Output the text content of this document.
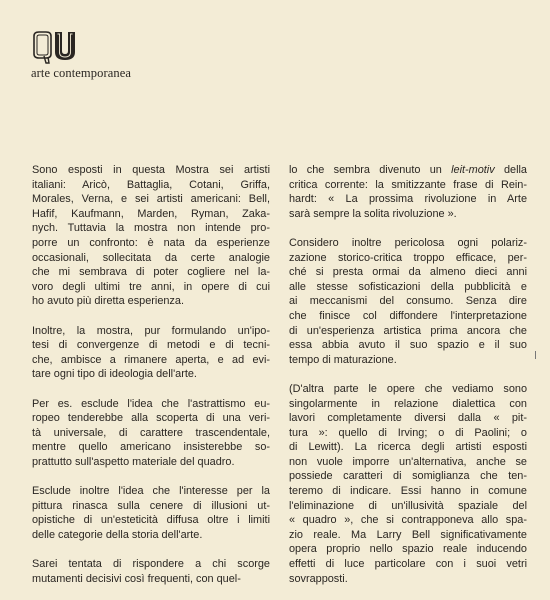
arte contemporanea

Sono esposti in questa Mostra sei artisti
italiani: Aricò, Battaglia, Cotani, Griffa,
Morales, Verna, e sei artisti americani: Bell,
Hafif, Kaufmann, Marden, Ryman, Zaka-
nych. Tuttavia la mostra non intende pro-
porre un confronto: è nata da esperienze
occasionali, sollecitata da certe analogie
che mi sembrava di poter cogliere nel la-
voro degli ultimi tre anni, in opere di cui
ho avuto più diretta esperienza.

Inoltre, la mostra, pur formulando un'ipo-
tesi di convergenze di metodi e di tecni-
che, ambisce a rimanere aperta, e ad evi-
tare ogni tipo di ideologia dell'arte.

Per es. esclude l'idea che l'astrattismo eu-
ropeo tenderebbe alla scoperta di una veri-
tà universale, di carattere trascendentale,
mentre quello americano insisterebbe so-
prattutto sull'aspetto materiale del quadro.

Esclude inoltre l'idea che l'interesse per la
pittura rinasca sulla cenere di illusioni ut-
opistiche di un'esteticità diffusa oltre i limiti
delle categorie della storia dell'arte.

Sarei tentata di rispondere a chi scorge
mutamenti decisivi così frequenti, con quel-

lo che sembra divenuto un leit-motiv della
critica corrente: la smitizzante frase di Rein-
hardt: « La prossima rivoluzione in Arte
sarà sempre la solita rivoluzione ».

Considero inoltre pericolosa ogni polariz-
zazione storico-critica troppo efficace, per-
ché si presta ormai da almeno dieci anni
alle stesse sofisticazioni della pubblicità e
ai meccanismi del consumo. Senza dire
che finisce col diffondere l'interpretazione
di un'esperienza artistica prima ancora che
essa abbia avuto il suo spazio e il suo
tempo di maturazione.

(D'altra parte le opere che vediamo sono
singolarmente in relazione dialettica con
lavori completamente diversi dalla « pit-
tura »: quello di Irving; o di Paolini; o
di Lewitt). La ricerca degli artisti esposti
non vuole imporre un'alternativa, anche se
possiede caratteri di somiglianza che ten-
teremo di indicare. Essi hanno in comune
l'eliminazione di un'illusività spaziale del
« quadro », che si contrapponeva allo spa-
zio reale. Ma Larry Bell significativamente
opera proprio nello spazio reale inducendo
effetti di luce particolare con i suoi vetri
sovrapposti.
